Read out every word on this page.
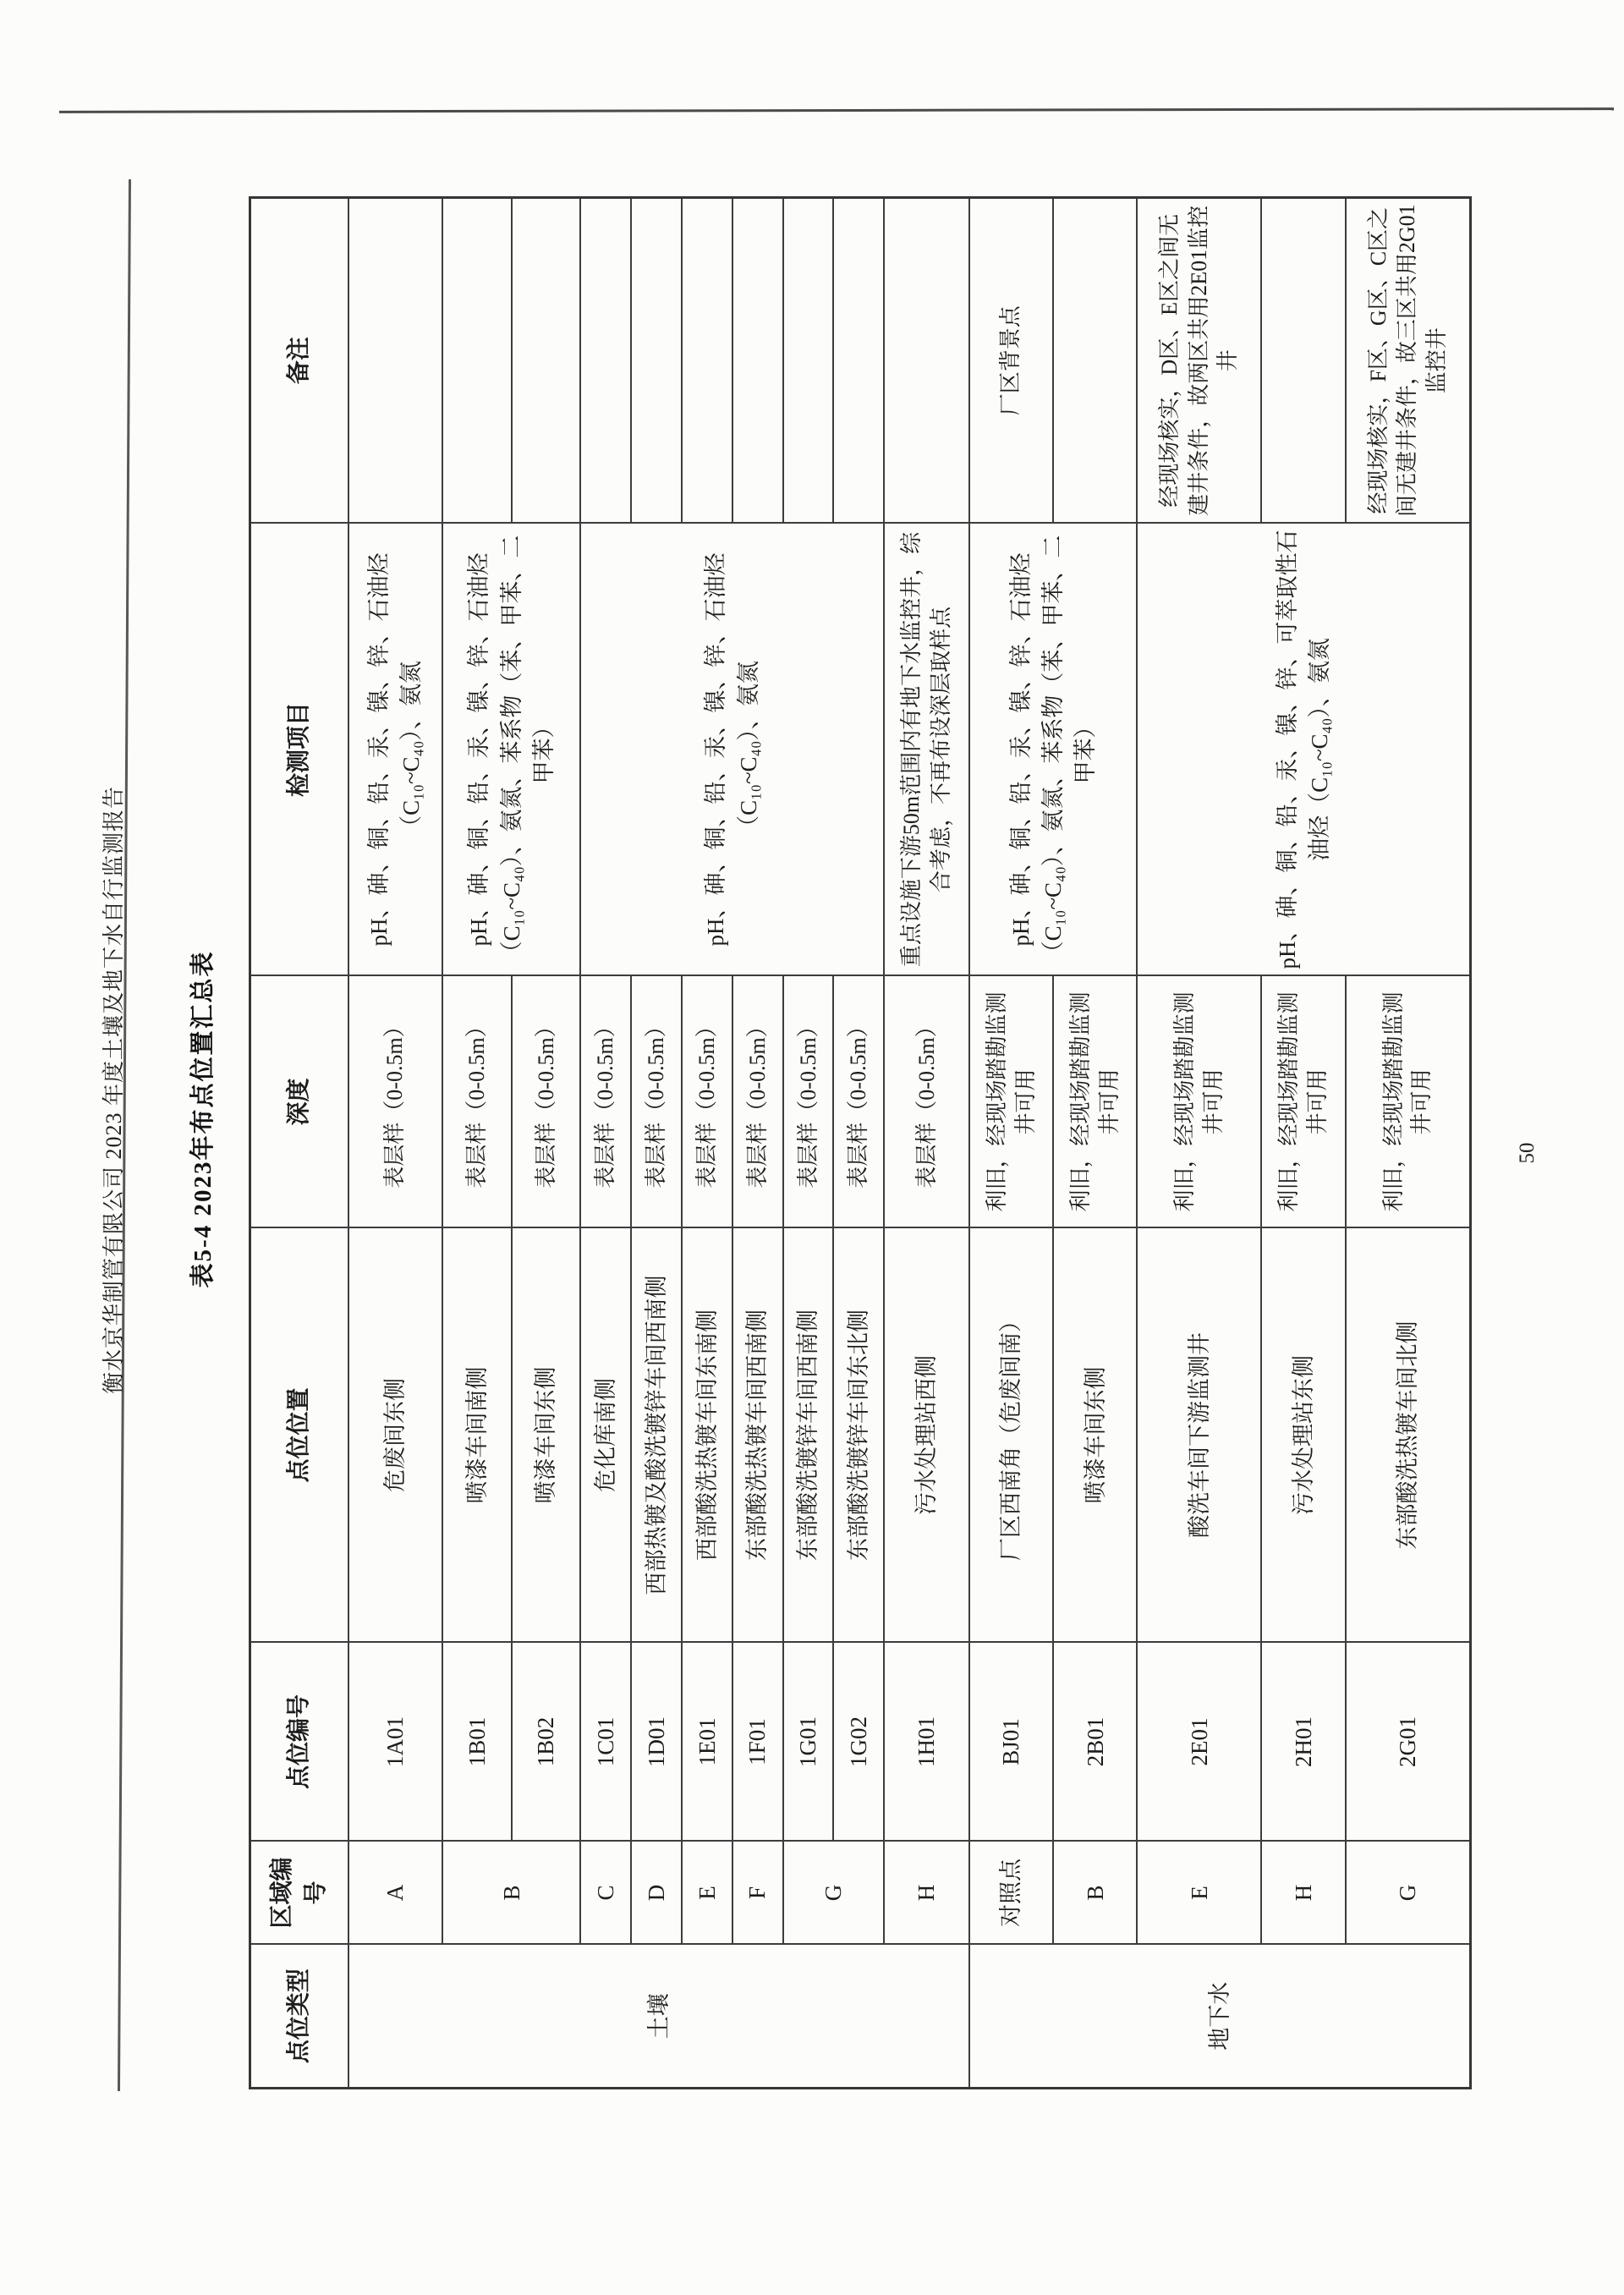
衡水京华制管有限公司 2023 年度土壤及地下水自行监测报告	表5-4 2023年布点位置汇总表	50
点位类型	区域编号	点位编号	点位位置	深度	检测项目	备注
土壤	A	1A01	危废间东侧	表层样（0-0.5m）	pH、砷、铜、铅、汞、镍、锌、石油烃（C₁₀~C₄₀）、氨氮	
	B	1B01	喷漆车间南侧	表层样（0-0.5m）	pH、砷、铜、铅、汞、镍、锌、石油烃（C₁₀~C₄₀）、氨氮、苯系物（苯、甲苯、二甲苯）	
		1B02	喷漆车间东侧	表层样（0-0.5m）		
	C	1C01	危化库南侧	表层样（0-0.5m）	pH、砷、铜、铅、汞、镍、锌、石油烃（C₁₀~C₄₀）、氨氮	
	D	1D01	西部热镀及酸洗镀锌车间西南侧	表层样（0-0.5m）		
	E	1E01	西部酸洗热镀车间东南侧	表层样（0-0.5m）		
	F	1F01	东部酸洗热镀车间西南侧	表层样（0-0.5m）		
	G	1G01	东部酸洗镀锌车间西南侧	表层样（0-0.5m）		
		1G02	东部酸洗镀锌车间东北侧	表层样（0-0.5m）		
	H	1H01	污水处理站西侧	表层样（0-0.5m）	重点设施下游50m范围内有地下水监控井，综合考虑，不再布设深层取样点	
地下水	对照点	BJ01	厂区西南角（危废间南）	利旧，经现场踏勘监测井可用	pH、砷、铜、铅、汞、镍、锌、石油烃（C₁₀~C₄₀）、氨氮、苯系物（苯、甲苯、二甲苯）	厂区背景点
	B	2B01	喷漆车间东侧	利旧，经现场踏勘监测井可用		
	E	2E01	酸洗车间下游监测井	利旧，经现场踏勘监测井可用	pH、砷、铜、铅、汞、镍、锌、可萃取性石油烃（C₁₀~C₄₀）、氨氮	经现场核实，D区、E区之间无建井条件，故两区共用2E01监控井
	H	2H01	污水处理站东侧	利旧，经现场踏勘监测井可用		
	G	2G01	东部酸洗热镀车间北侧	利旧，经现场踏勘监测井可用		经现场核实，F区、G区、C区之间无建井条件，故三区共用2G01监控井
